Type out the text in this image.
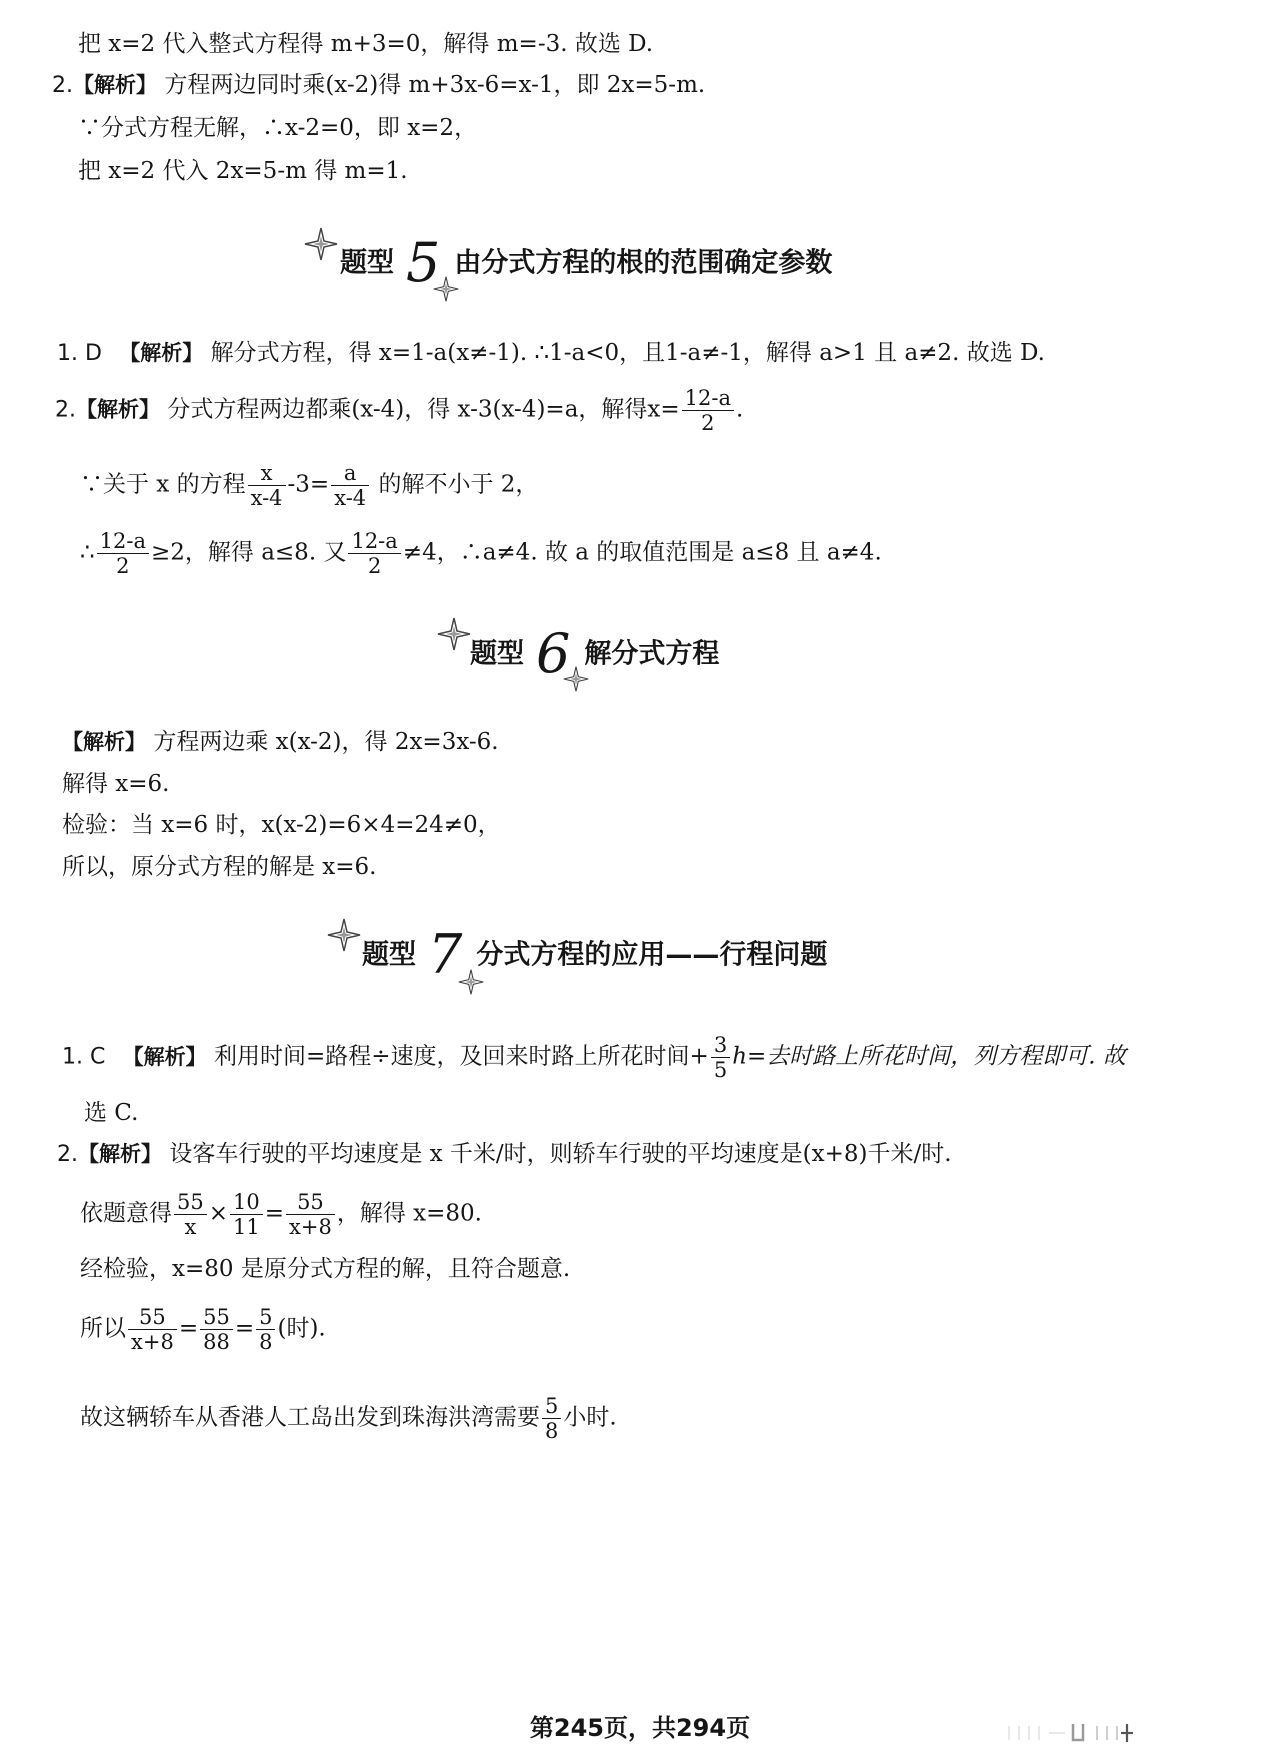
把 x=2 代入整式方程得 m+3=0，解得 m=-3. 故选 D.
2.【解析】 方程两边同时乘(x-2)得 m+3x-6=x-1，即 2x=5-m.
∵分式方程无解，∴x-2=0，即 x=2，
把 x=2 代入 2x=5-m 得 m=1.
题型 5 由分式方程的根的范围确定参数
1. D 【解析】 解分式方程，得 x=1-a(x≠-1). ∴1-a<0，且1-a≠-1，解得 a>1 且 a≠2. 故选 D.
2.【解析】 分式方程两边都乘(x-4)，得 x-3(x-4)=a，解得$x= \frac{12-a}{2}$ .
∵关于 x 的方程 $\frac{x}{x-4} -3= \frac{a}{x-4}$ 的解不小于 2，
∴ $\frac{12-a}{2} \ge 2$，解得 a≤8. 又 $\frac{12-a}{2} \ne 4$，∴a≠4. 故 a 的取值范围是 a≤8 且 a≠4.
题型 6 解分式方程
【解析】 方程两边乘 x(x-2)，得 2x=3x-6.
解得 x=6.
检验：当 x=6 时，x(x-2)=6×4=24≠0，
所以，原分式方程的解是 x=6.
题型 7 分式方程的应用——行程问题
1. C 【解析】 利用时间=路程÷速度，及回来时路上所花时间+ $\frac{3}{5} h=$去时路上所花时间，列方程即可. 故
选 C.
2.【解析】 设客车行驶的平均速度是 x 千米/时，则轿车行驶的平均速度是(x+8)千米/时.
依题意得 $\frac{55}{x} \times \frac{10}{11} = \frac{55}{x+8}$ ，解得 x=80.
经检验，x=80 是原分式方程的解，且符合题意.
所以 $\frac{55}{x+8} = \frac{55}{88} = \frac{5}{8}$ (时).
故这辆轿车从香港人工岛出发到珠海洪湾需要 $\frac{5}{8}$ 小时.
第245页，共294页
